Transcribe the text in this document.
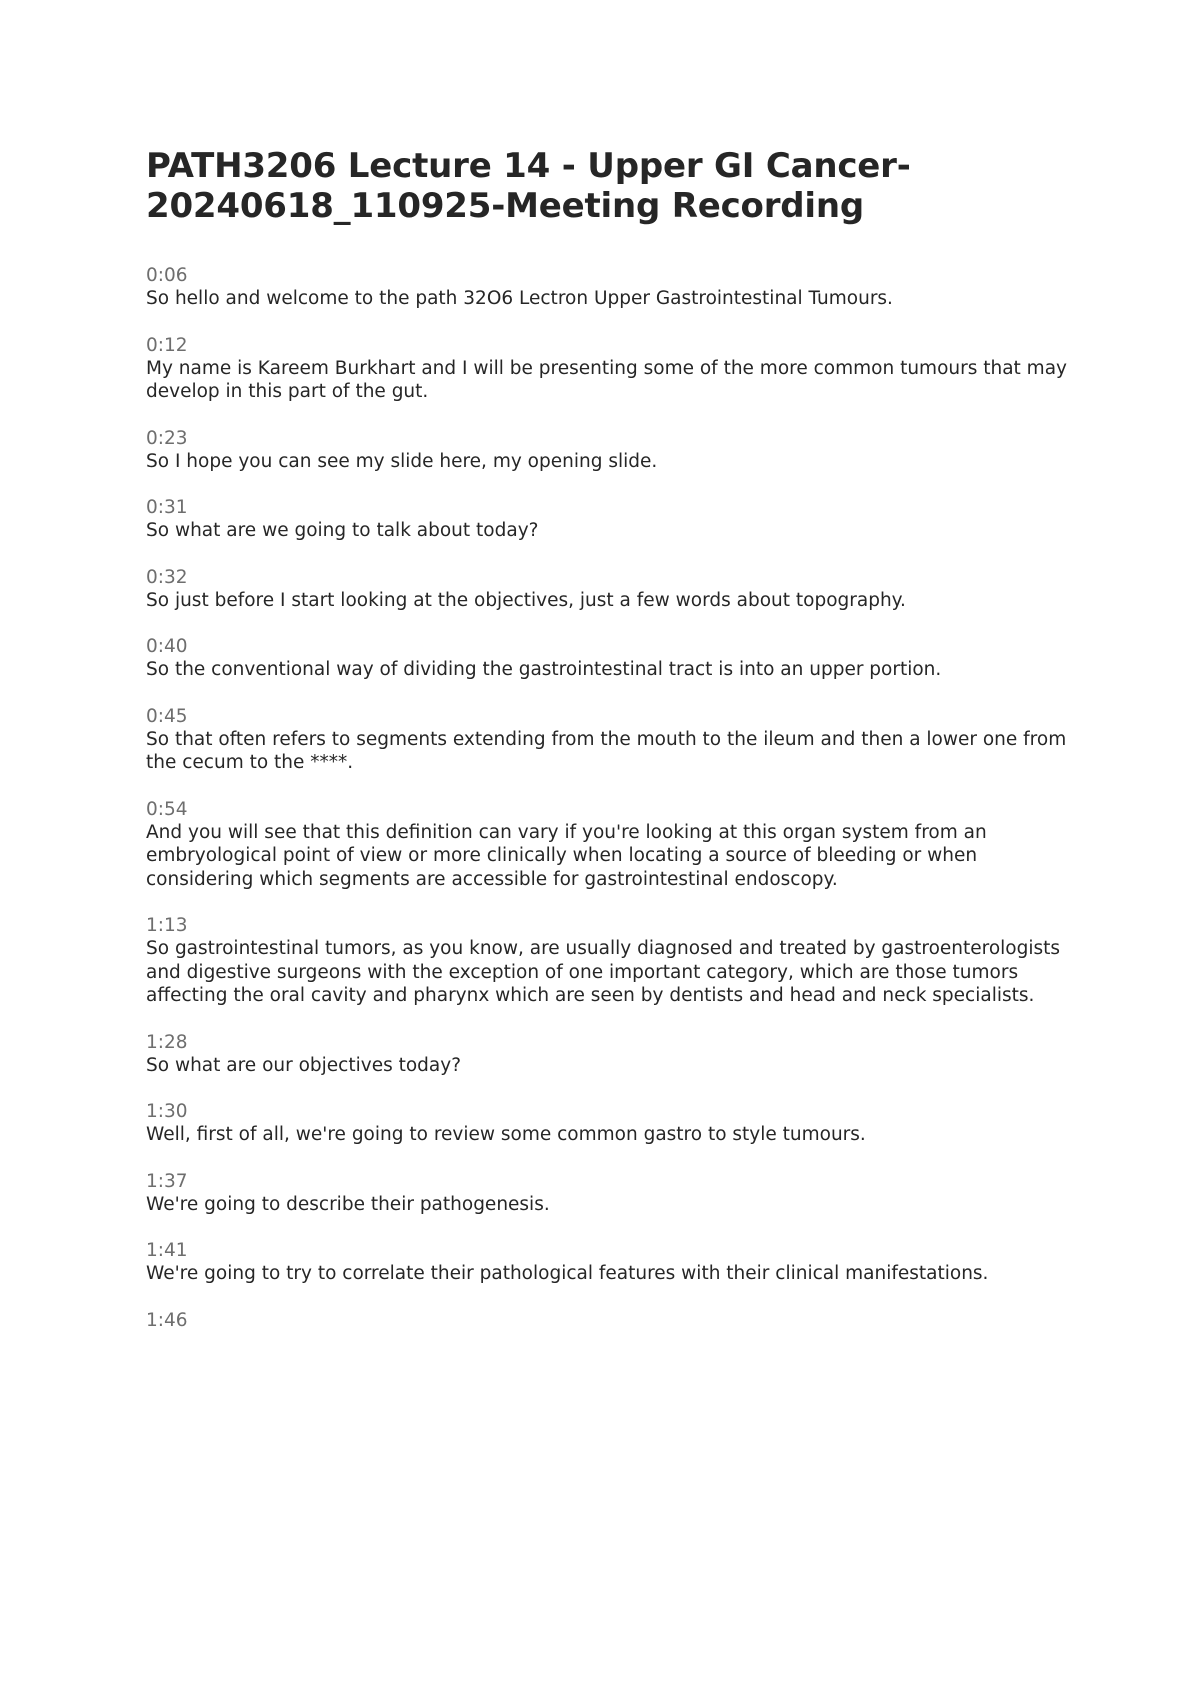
PATH3206 Lecture 14 - Upper GI Cancer-20240618_110925-Meeting Recording
0:06
So hello and welcome to the path 32O6 Lectron Upper Gastrointestinal Tumours.
0:12
My name is Kareem Burkhart and I will be presenting some of the more common tumours that may develop in this part of the gut.
0:23
So I hope you can see my slide here, my opening slide.
0:31
So what are we going to talk about today?
0:32
So just before I start looking at the objectives, just a few words about topography.
0:40
So the conventional way of dividing the gastrointestinal tract is into an upper portion.
0:45
So that often refers to segments extending from the mouth to the ileum and then a lower one from the cecum to the ****.
0:54
And you will see that this definition can vary if you're looking at this organ system from an embryological point of view or more clinically when locating a source of bleeding or when considering which segments are accessible for gastrointestinal endoscopy.
1:13
So gastrointestinal tumors, as you know, are usually diagnosed and treated by gastroenterologists and digestive surgeons with the exception of one important category, which are those tumors affecting the oral cavity and pharynx which are seen by dentists and head and neck specialists.
1:28
So what are our objectives today?
1:30
Well, first of all, we're going to review some common gastro to style tumours.
1:37
We're going to describe their pathogenesis.
1:41
We're going to try to correlate their pathological features with their clinical manifestations.
1:46
